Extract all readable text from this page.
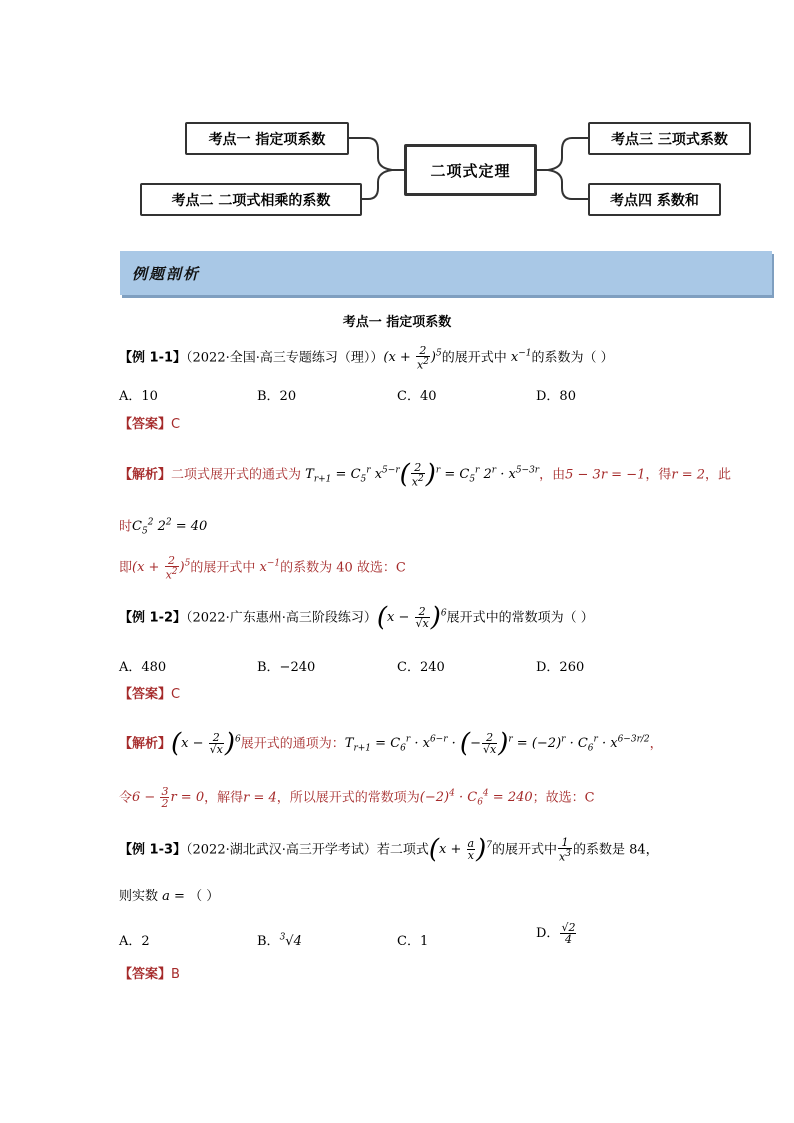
考点一 指定项系数
考点二 二项式相乘的系数
二项式定理
考点三 三项式系数
考点四 系数和
例题剖析
考点一 指定项系数
【例 1-1】（2022·全国·高三专题练习（理））$(x + \frac{2}{x^2} )^5$的展开式中 $x^{-1}$的系数为（ ）
A．10	B．20	C．40	D．80
【答案】C
【解析】二项式展开式的通式为 $T_{r+1} = C_5^r$ $x^{5-r}( \frac{2}{x^2} )^r = C_5^r$ $2^r \cdot x^{5-3r}$，由5 − 3r = −1，得r = 2，此
时$C_5^2$ $2^2 = 40$
即$(x + \frac{2}{x^2} )^5$的展开式中 $x^{-1}$的系数为 40 故选：C
【例 1-2】（2022·广东惠州·高三阶段练习）$(x - \frac{2}{√x} )^6$展开式中的常数项为（ ）
A．480	B．−240	C．240	D．260
【答案】C
【解析】$(x - \frac{2}{√x} )^6$展开式的通项为：$T_{r+1} = C_6^r \cdot x^{6-r}$ · (− $\frac{2}{√x} )^r = (-2)^r \cdot C_6^r \cdot x^{6-3r/2}$，
令$6 - \frac{3}{2}$ r = 0，解得r = 4，所以展开式的常数项为$(-2)^4 \cdot C_6^4 = 240$；故选：C
【例 1-3】（2022·湖北武汉·高三开学考试）若二项式$(x + \frac{a}{x} )^7$的展开式中 $\frac{1}{x^3}$ 的系数是 84，
则实数 a = （ ）
A．2	B．$^3$√4	C．1
D． $\frac{√2}{4}$
【答案】B
